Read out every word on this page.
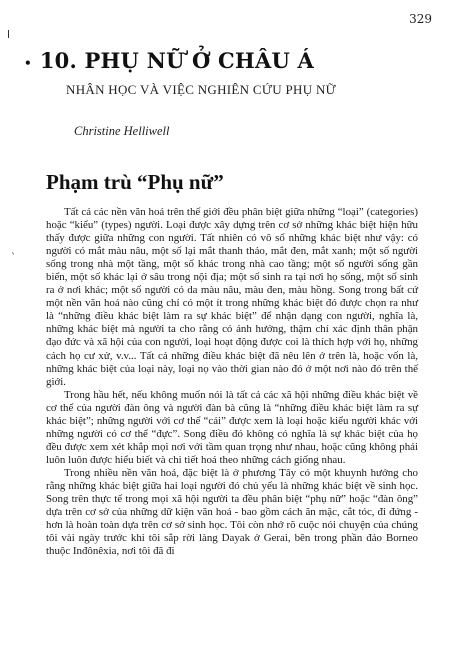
329
ˋ
• 10. PHỤ NỮ Ở CHÂU Á
NHÂN HỌC VÀ VIỆC NGHIÊN CỨU PHỤ NỮ
Christine Helliwell
Phạm trù “Phụ nữ”

Tất cả các nền văn hoá trên thế giới đều phân biệt giữa những “loại” (categories) hoặc “kiểu” (types) người. Loại được xây dựng trên cơ sở những khác biệt hiện hữu thấy được giữa những con người. Tất nhiên có vô số những khác biệt như vậy: có người có mắt màu nâu, một số lại mắt thanh thảo, mắt đen, mắt xanh; một số người sống trong nhà một tầng, một số khác trong nhà cao tầng; một số người sống gần biển, một số khác lại ở sâu trong nội địa; một số sinh ra tại nơi họ sống, một số sinh ra ở nơi khác; một số người có da màu nâu, màu đen, màu hồng. Song trong bất cứ một nền văn hoá nào cũng chỉ có một ít trong những khác biệt đó được chọn ra như là “những điều khác biệt làm ra sự khác biệt” để nhận dạng con người, nghĩa là, những khác biệt mà người ta cho rằng có ảnh hưởng, thậm chí xác định thân phận đạo đức và xã hội của con người, loại hoạt động được coi là thích hợp với họ, những cách họ cư xử, v.v... Tất cả những điều khác biệt đã nêu lên ở trên là, hoặc vốn là, những khác biệt của loại này, loại nọ vào thời gian nào đó ở một nơi nào đó trên thế giới.

Trong hầu hết, nếu không muốn nói là tất cả các xã hội những điều khác biệt về cơ thể của người đàn ông và người đàn bà cũng là “những điều khác biệt làm ra sự khác biệt”; những người với cơ thể “cái” được xem là loại hoặc kiểu người khác với những người có cơ thể “đực”. Song điều đó không có nghĩa là sự khác biệt của họ đều được xem xét khắp mọi nơi với tầm quan trọng như nhau, hoặc cũng không phải luôn luôn được hiểu biết và chi tiết hoá theo những cách giống nhau.

Trong nhiều nền văn hoá, đặc biệt là ở phương Tây có một khuynh hướng cho rằng những khác biệt giữa hai loại người đó chủ yếu là những khác biệt về sinh học. Song trên thực tế trong mọi xã hội người ta đều phân biệt “phụ nữ” hoặc “đàn ông” dựa trên cơ sở của những dữ kiện văn hoá - bao gồm cách ăn mặc, cắt tóc, đi đứng - hơn là hoàn toàn dựa trên cơ sở sinh học. Tôi còn nhớ rõ cuộc nói chuyện của chúng tôi vài ngày trước khi tôi sắp rời làng Dayak ở Gerai, bên trong phần đảo Borneo thuộc Inđônêxia, nơi tôi đã đi
